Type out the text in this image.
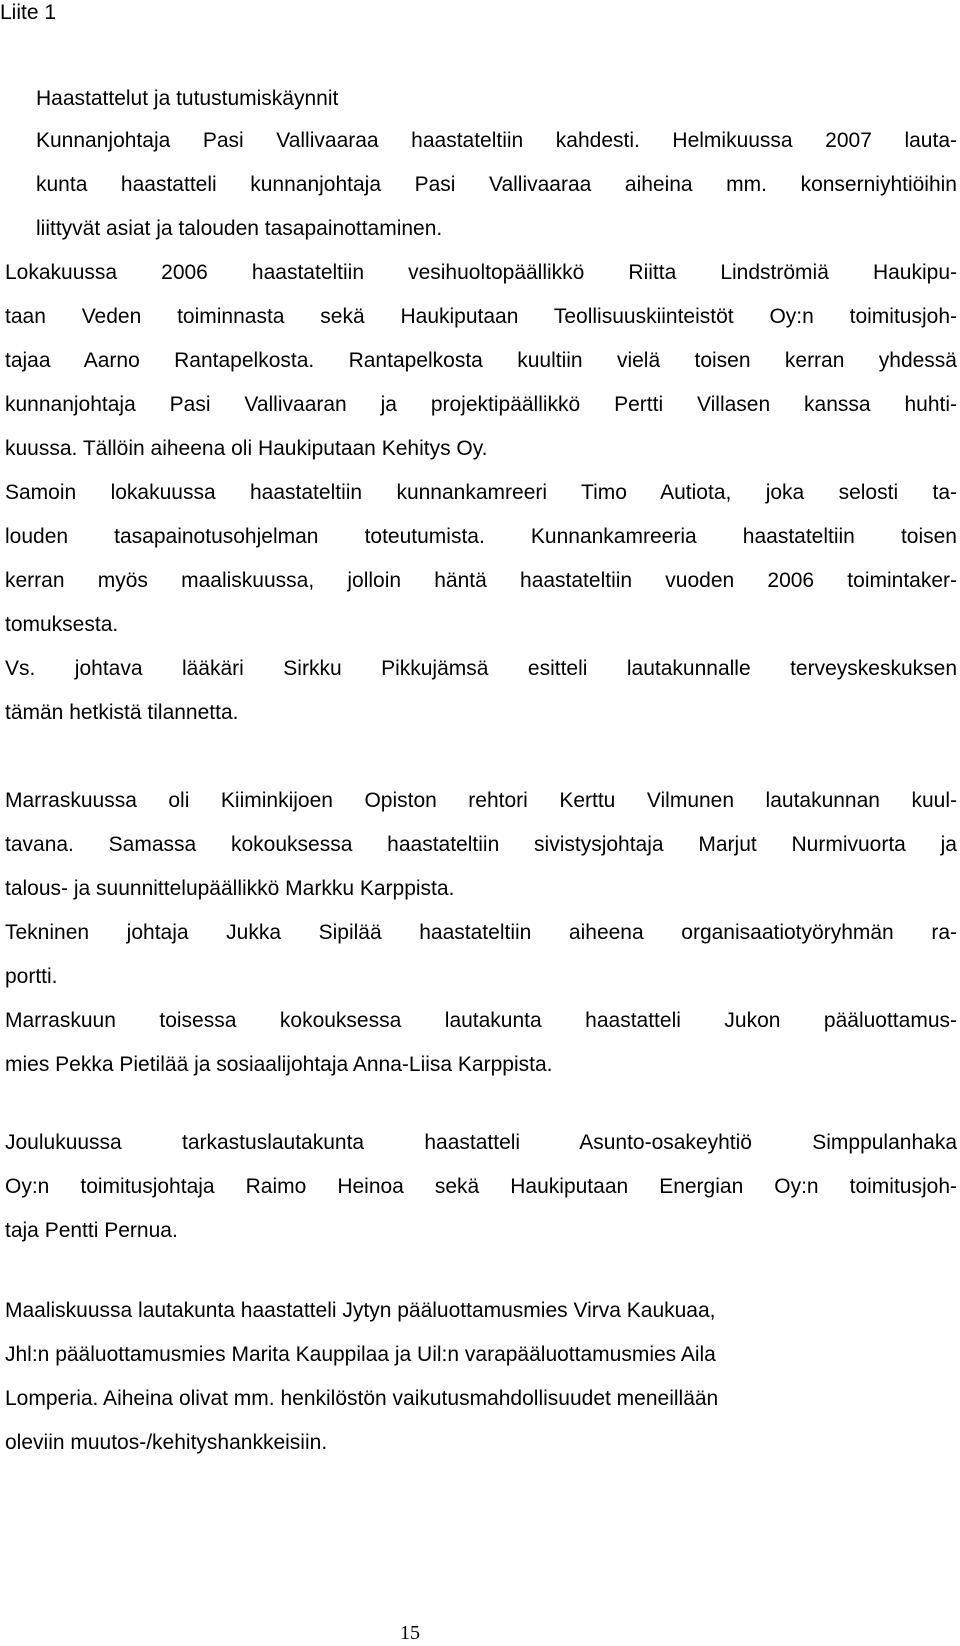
Liite 1

Haastattelut ja tutustumiskäynnit

Kunnanjohtaja Pasi Vallivaaraa haastateltiin kahdesti. Helmikuussa 2007 lauta-

kunta haastatteli kunnanjohtaja Pasi Vallivaaraa aiheina mm. konserniyhtiöihin

liittyvät asiat ja talouden tasapainottaminen.

Lokakuussa 2006 haastateltiin vesihuoltopäällikkö Riitta Lindströmiä Haukipu-

taan Veden toiminnasta sekä Haukiputaan Teollisuuskiinteistöt Oy:n toimitusjoh-

tajaa Aarno Rantapelkosta. Rantapelkosta kuultiin vielä toisen kerran yhdessä

kunnanjohtaja Pasi Vallivaaran ja projektipäällikkö Pertti Villasen kanssa huhti-

kuussa. Tällöin aiheena oli Haukiputaan Kehitys Oy.

Samoin lokakuussa haastateltiin kunnankamreeri Timo Autiota, joka selosti ta-

louden tasapainotusohjelman toteutumista. Kunnankamreeria haastateltiin toisen

kerran myös maaliskuussa, jolloin häntä haastateltiin vuoden 2006 toimintaker-

tomuksesta.

Vs. johtava lääkäri Sirkku Pikkujämsä esitteli lautakunnalle terveyskeskuksen

tämän hetkistä tilannetta.

Marraskuussa oli Kiiminkijoen Opiston rehtori Kerttu Vilmunen lautakunnan kuul-

tavana. Samassa kokouksessa haastateltiin sivistysjohtaja Marjut Nurmivuorta ja

talous- ja suunnittelupäällikkö Markku Karppista.

Tekninen johtaja Jukka Sipilää haastateltiin aiheena organisaatiotyöryhmän ra-

portti.

Marraskuun toisessa kokouksessa lautakunta haastatteli Jukon pääluottamus-

mies Pekka Pietilää ja sosiaalijohtaja Anna-Liisa Karppista.

Joulukuussa tarkastuslautakunta haastatteli Asunto-osakeyhtiö Simppulanhaka

Oy:n toimitusjohtaja Raimo Heinoa sekä Haukiputaan Energian Oy:n toimitusjoh-

taja Pentti Pernua.

Maaliskuussa lautakunta haastatteli Jytyn pääluottamusmies Virva Kaukuaa,

Jhl:n pääluottamusmies Marita Kauppilaa ja Uil:n varapääluottamusmies Aila

Lomperia. Aiheina olivat mm. henkilöstön vaikutusmahdollisuudet meneillään

oleviin muutos-/kehityshankkeisiin.

15
